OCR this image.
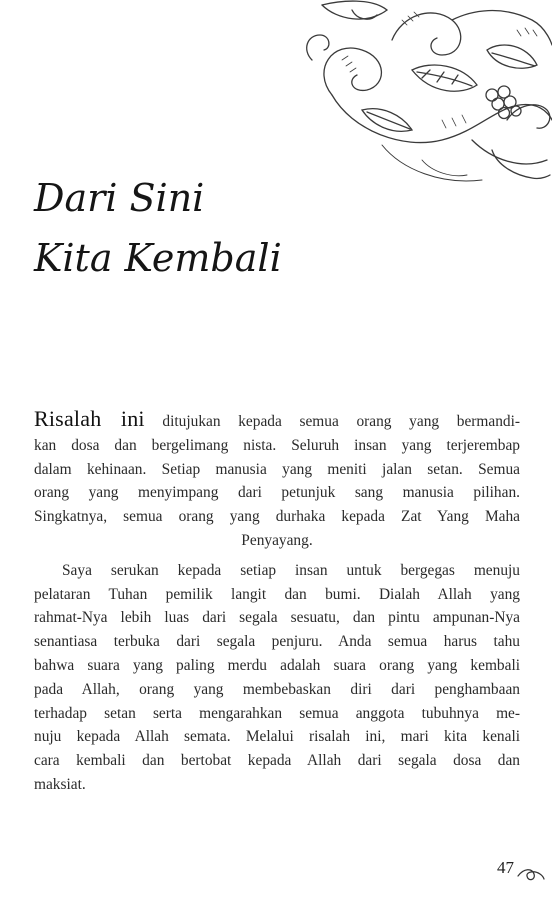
Dari Sini
Kita Kembali

Risalah ini ditujukan kepada semua orang yang bermandi-
kan dosa dan bergelimang nista. Seluruh insan yang terjerembap
dalam kehinaan. Setiap manusia yang meniti jalan setan. Semua
orang yang menyimpang dari petunjuk sang manusia pilihan.
Singkatnya, semua orang yang durhaka kepada Zat Yang Maha
Penyayang.

Saya serukan kepada setiap insan untuk bergegas menuju
pelataran Tuhan pemilik langit dan bumi. Dialah Allah yang
rahmat-Nya lebih luas dari segala sesuatu, dan pintu ampunan-Nya
senantiasa terbuka dari segala penjuru. Anda semua harus tahu
bahwa suara yang paling merdu adalah suara orang yang kembali
pada Allah, orang yang membebaskan diri dari penghambaan
terhadap setan serta mengarahkan semua anggota tubuhnya me-
nuju kepada Allah semata. Melalui risalah ini, mari kita kenali
cara kembali dan bertobat kepada Allah dari segala dosa dan
maksiat.

47
